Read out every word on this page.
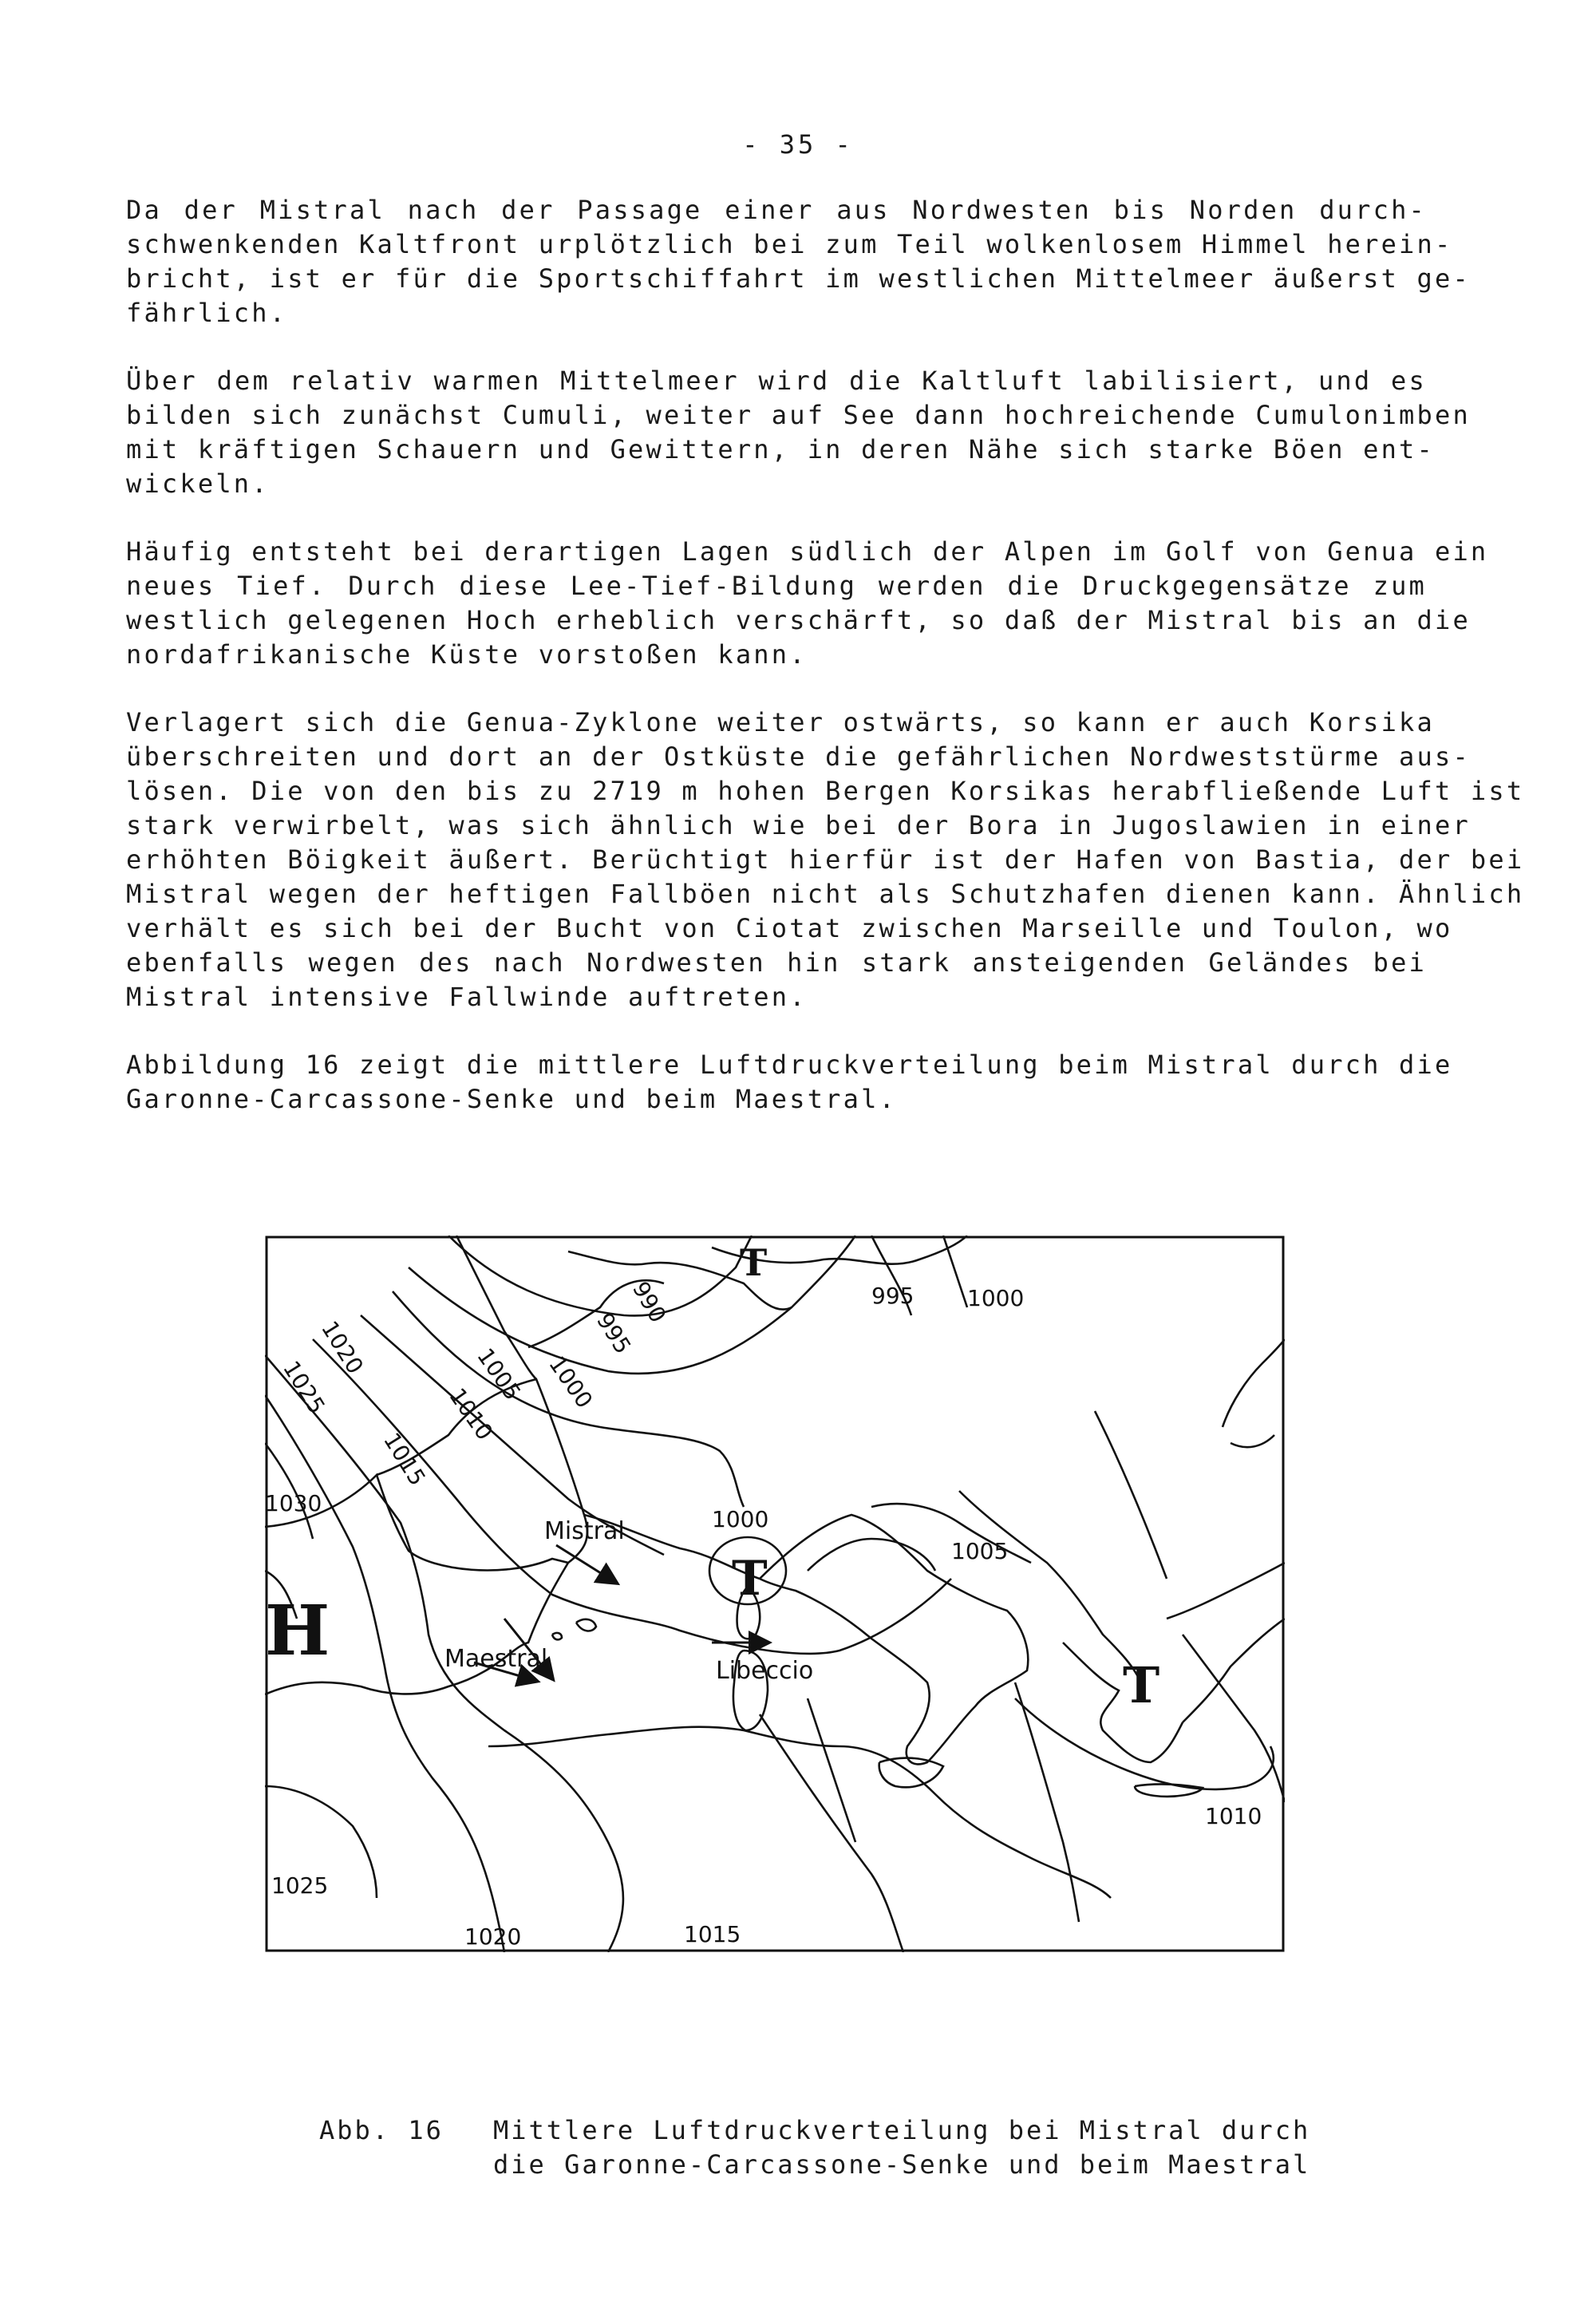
- 35 -

Da der Mistral nach der Passage einer aus Nordwesten bis Norden durch-
schwenkenden Kaltfront urplötzlich bei zum Teil wolkenlosem Himmel herein-
bricht, ist er für die Sportschiffahrt im westlichen Mittelmeer äußerst ge-
fährlich.

Über dem relativ warmen Mittelmeer wird die Kaltluft labilisiert, und es
bilden sich zunächst Cumuli, weiter auf See dann hochreichende Cumulonimben
mit kräftigen Schauern und Gewittern, in deren Nähe sich starke Böen ent-
wickeln.

Häufig entsteht bei derartigen Lagen südlich der Alpen im Golf von Genua ein
neues Tief. Durch diese Lee-Tief-Bildung werden die Druckgegensätze zum
westlich gelegenen Hoch erheblich verschärft, so daß der Mistral bis an die
nordafrikanische Küste vorstoßen kann.

Verlagert sich die Genua-Zyklone weiter ostwärts, so kann er auch Korsika
überschreiten und dort an der Ostküste die gefährlichen Nordweststürme aus-
lösen. Die von den bis zu 2719 m hohen Bergen Korsikas herabfließende Luft ist
stark verwirbelt, was sich ähnlich wie bei der Bora in Jugoslawien in einer
erhöhten Böigkeit äußert. Berüchtigt hierfür ist der Hafen von Bastia, der bei
Mistral wegen der heftigen Fallböen nicht als Schutzhafen dienen kann. Ähnlich
verhält es sich bei der Bucht von Ciotat zwischen Marseille und Toulon, wo
ebenfalls wegen des nach Nordwesten hin stark ansteigenden Geländes bei
Mistral intensive Fallwinde auftreten.

Abbildung 16 zeigt die mittlere Luftdruckverteilung beim Mistral durch die
Garonne-Carcassone-Senke und beim Maestral.

990
995
1000
1005
1010
1015
1020
1025
1030
995 1000
1000
1005
1010
1025
1020	1015
H
T
T
T
Mistral
Maestral	Libeccio
Abb. 16 Mittlere Luftdruckverteilung bei Mistral durch
die Garonne-Carcassone-Senke und beim Maestral
